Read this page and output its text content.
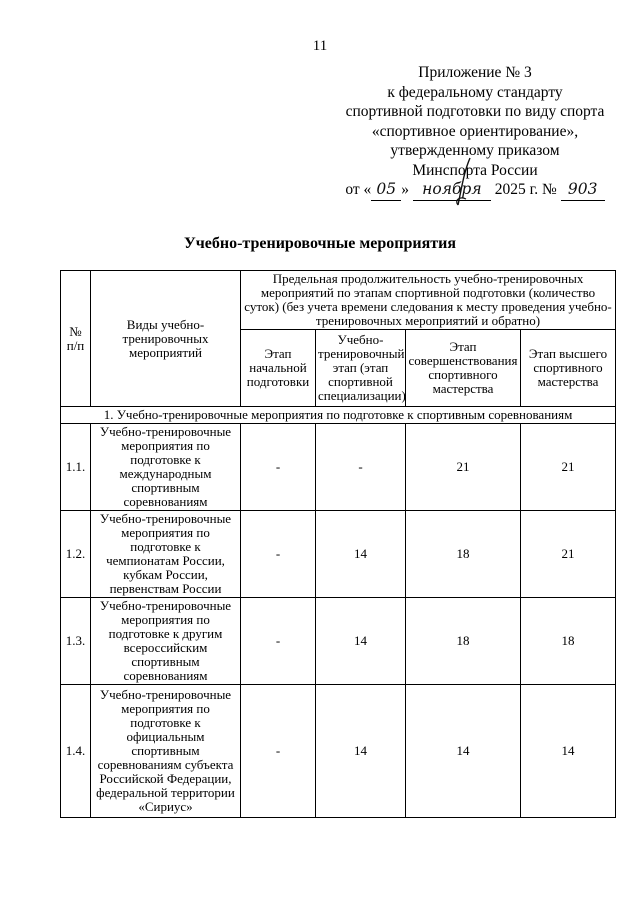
11
Приложение № 3
к федеральному стандарту
спортивной подготовки по виду спорта
«спортивное ориентирование»,
утвержденному приказом
Минспорта России
от « 05 » ноября 2025 г. № 903
Учебно-тренировочные мероприятия
№ п/п	Виды учебно-тренировочных мероприятий	Предельная продолжительность учебно-тренировочных мероприятий по этапам спортивной подготовки (количество суток) (без учета времени следования к месту проведения учебно-тренировочных мероприятий и обратно)			
		Этап начальной подготовки	Учебно-тренировочный этап (этап спортивной специализации)	Этап совершенствования спортивного мастерства	Этап высшего спортивного мастерства
1. Учебно-тренировочные мероприятия по подготовке к спортивным соревнованиям					
1.1.	Учебно-тренировочные мероприятия по подготовке к международным спортивным соревнованиям	-	-	21	21
1.2.	Учебно-тренировочные мероприятия по подготовке к чемпионатам России, кубкам России, первенствам России	-	14	18	21
1.3.	Учебно-тренировочные мероприятия по подготовке к другим всероссийским спортивным соревнованиям	-	14	18	18
1.4.	Учебно-тренировочные мероприятия по подготовке к официальным спортивным соревнованиям субъекта Российской Федерации, федеральной территории «Сириус»	-	14	14	14
